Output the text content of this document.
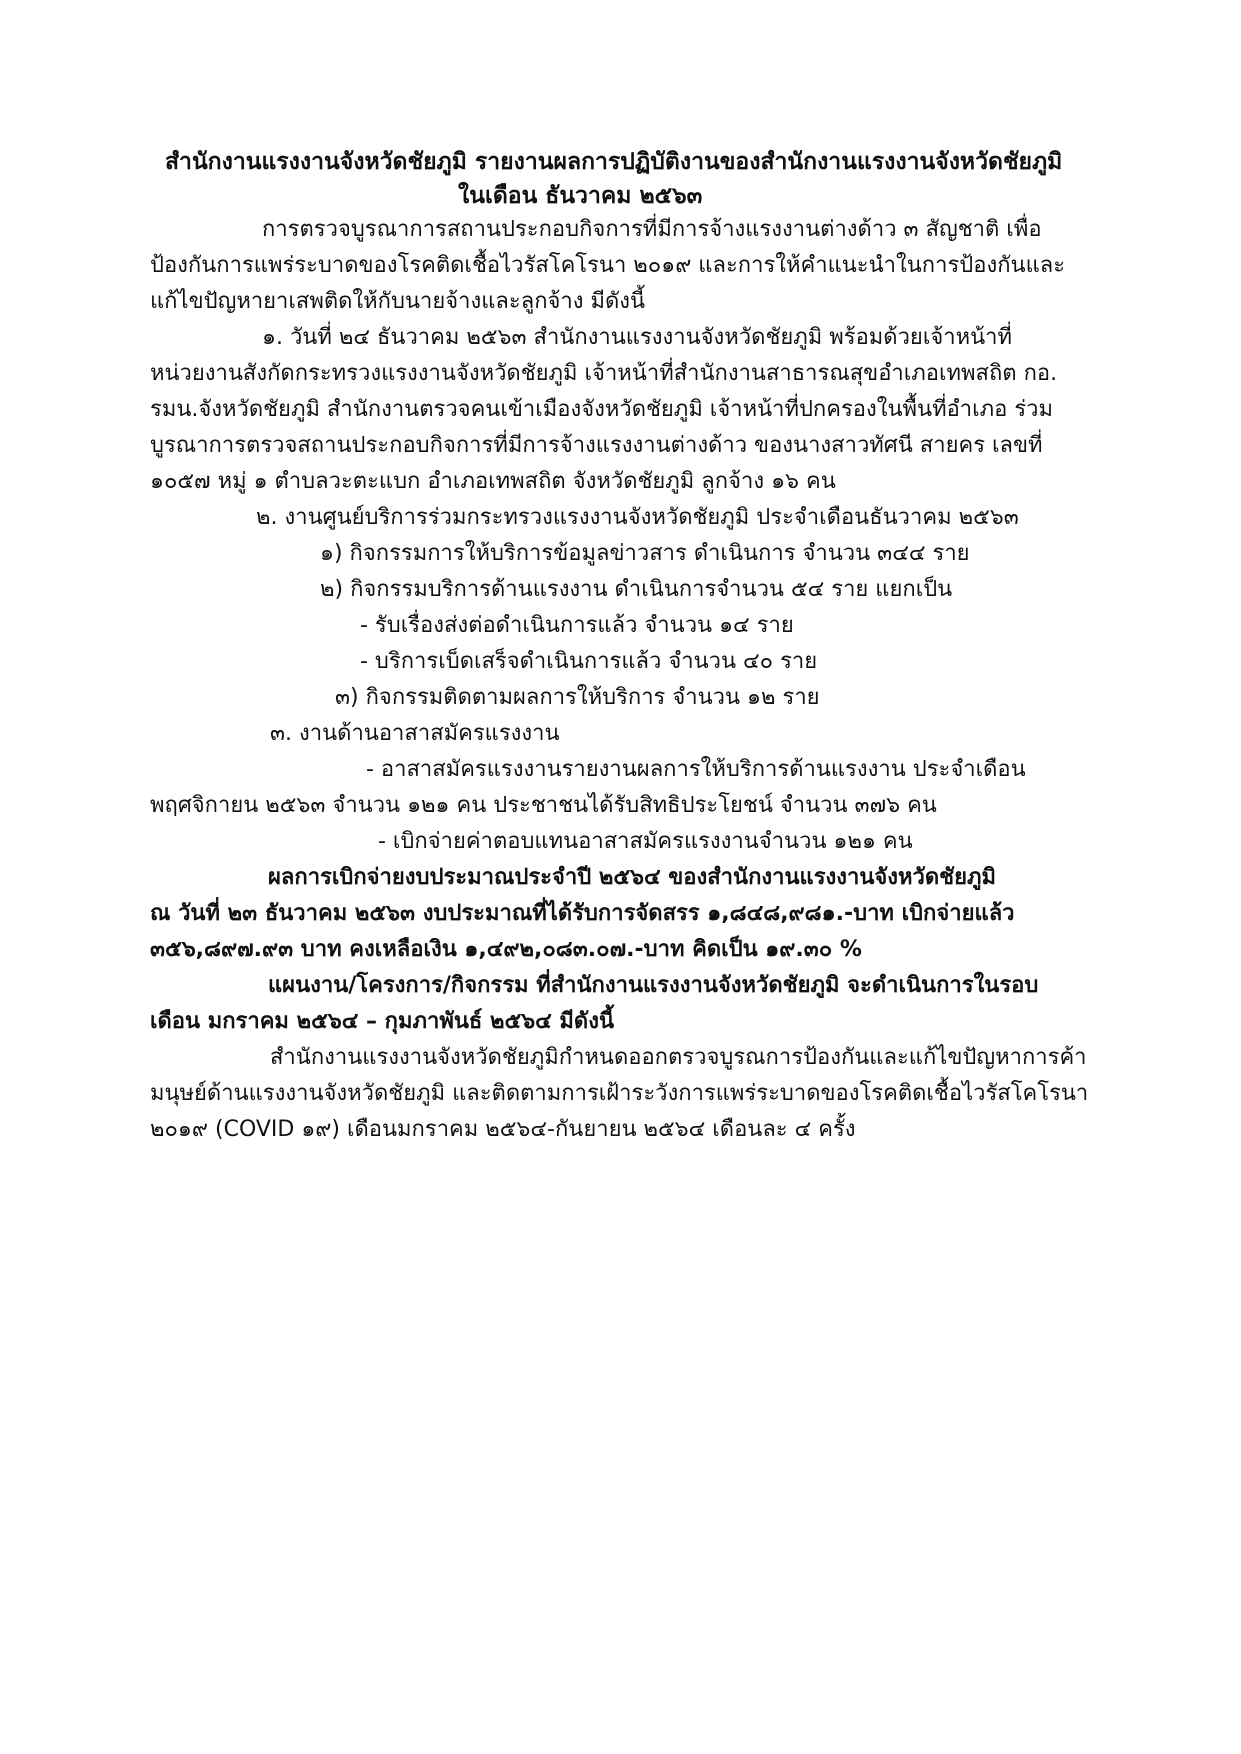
สำนักงานแรงงานจังหวัดชัยภูมิ รายงานผลการปฏิบัติงานของสำนักงานแรงงานจังหวัดชัยภูมิ
ในเดือน ธันวาคม ๒๕๖๓
การตรวจบูรณาการสถานประกอบกิจการที่มีการจ้างแรงงานต่างด้าว ๓ สัญชาติ เพื่อ
ป้องกันการแพร่ระบาดของโรคติดเชื้อไวรัสโคโรนา ๒๐๑๙ และการให้คำแนะนำในการป้องกันและ
แก้ไขปัญหายาเสพติดให้กับนายจ้างและลูกจ้าง มีดังนี้
๑. วันที่ ๒๔ ธันวาคม ๒๕๖๓ สำนักงานแรงงานจังหวัดชัยภูมิ พร้อมด้วยเจ้าหน้าที่
หน่วยงานสังกัดกระทรวงแรงงานจังหวัดชัยภูมิ เจ้าหน้าที่สำนักงานสาธารณสุขอำเภอเทพสถิต กอ.
รมน.จังหวัดชัยภูมิ สำนักงานตรวจคนเข้าเมืองจังหวัดชัยภูมิ เจ้าหน้าที่ปกครองในพื้นที่อำเภอ ร่วม
บูรณาการตรวจสถานประกอบกิจการที่มีการจ้างแรงงานต่างด้าว ของนางสาวทัศนี สายคร เลขที่
๑๐๕๗ หมู่ ๑ ตำบลวะตะแบก อำเภอเทพสถิต จังหวัดชัยภูมิ ลูกจ้าง ๑๖ คน
๒. งานศูนย์บริการร่วมกระทรวงแรงงานจังหวัดชัยภูมิ ประจำเดือนธันวาคม ๒๕๖๓
๑) กิจกรรมการให้บริการข้อมูลข่าวสาร ดำเนินการ จำนวน ๓๔๔ ราย
๒) กิจกรรมบริการด้านแรงงาน ดำเนินการจำนวน ๕๔ ราย แยกเป็น
- รับเรื่องส่งต่อดำเนินการแล้ว จำนวน ๑๔ ราย
- บริการเบ็ดเสร็จดำเนินการแล้ว จำนวน ๔๐ ราย
๓) กิจกรรมติดตามผลการให้บริการ จำนวน ๑๒ ราย
๓. งานด้านอาสาสมัครแรงงาน
- อาสาสมัครแรงงานรายงานผลการให้บริการด้านแรงงาน ประจำเดือน
พฤศจิกายน ๒๕๖๓ จำนวน ๑๒๑ คน ประชาชนได้รับสิทธิประโยชน์ จำนวน ๓๗๖ คน
- เบิกจ่ายค่าตอบแทนอาสาสมัครแรงงานจำนวน ๑๒๑ คน
ผลการเบิกจ่ายงบประมาณประจำปี ๒๕๖๔ ของสำนักงานแรงงานจังหวัดชัยภูมิ
ณ วันที่ ๒๓ ธันวาคม ๒๕๖๓ งบประมาณที่ได้รับการจัดสรร ๑,๘๔๘,๙๘๑.-บาท เบิกจ่ายแล้ว
๓๕๖,๘๙๗.๙๓ บาท คงเหลือเงิน ๑,๔๙๒,๐๘๓.๐๗.-บาท คิดเป็น ๑๙.๓๐ %
แผนงาน/โครงการ/กิจกรรม ที่สำนักงานแรงงานจังหวัดชัยภูมิ จะดำเนินการในรอบ
เดือน มกราคม ๒๕๖๔ – กุมภาพันธ์ ๒๕๖๔ มีดังนี้
สำนักงานแรงงานจังหวัดชัยภูมิกำหนดออกตรวจบูรณการป้องกันและแก้ไขปัญหาการค้า
มนุษย์ด้านแรงงานจังหวัดชัยภูมิ และติดตามการเฝ้าระวังการแพร่ระบาดของโรคติดเชื้อไวรัสโคโรนา
๒๐๑๙ (COVID ๑๙) เดือนมกราคม ๒๕๖๔-กันยายน ๒๕๖๔ เดือนละ ๔ ครั้ง
